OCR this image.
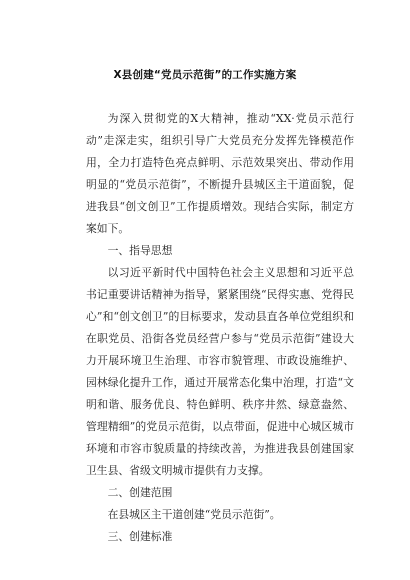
X县创建“党员示范街”的工作实施方案

为深入贯彻党的X大精神，推动“XX·党员示范行动”走深走实，组织引导广大党员充分发挥先锋模范作用，全力打造特色亮点鲜明、示范效果突出、带动作用明显的“党员示范街”，不断提升县城区主干道面貌，促进我县“创文创卫”工作提质增效。现结合实际，制定方案如下。

一、指导思想

以习近平新时代中国特色社会主义思想和习近平总书记重要讲话精神为指导，紧紧围绕“民得实惠、党得民心”和“创文创卫”的目标要求，发动县直各单位党组织和在职党员、沿街各党员经营户参与“党员示范街”建设大力开展环境卫生治理、市容市貌管理、市政设施维护、园林绿化提升工作，通过开展常态化集中治理，打造“文明和谐、服务优良、特色鲜明、秩序井然、绿意盎然、管理精细”的党员示范街，以点带面，促进中心城区城市环境和市容市貌质量的持续改善，为推进我县创建国家卫生县、省级文明城市提供有力支撑。

二、创建范围

在县城区主干道创建“党员示范街”。

三、创建标准
